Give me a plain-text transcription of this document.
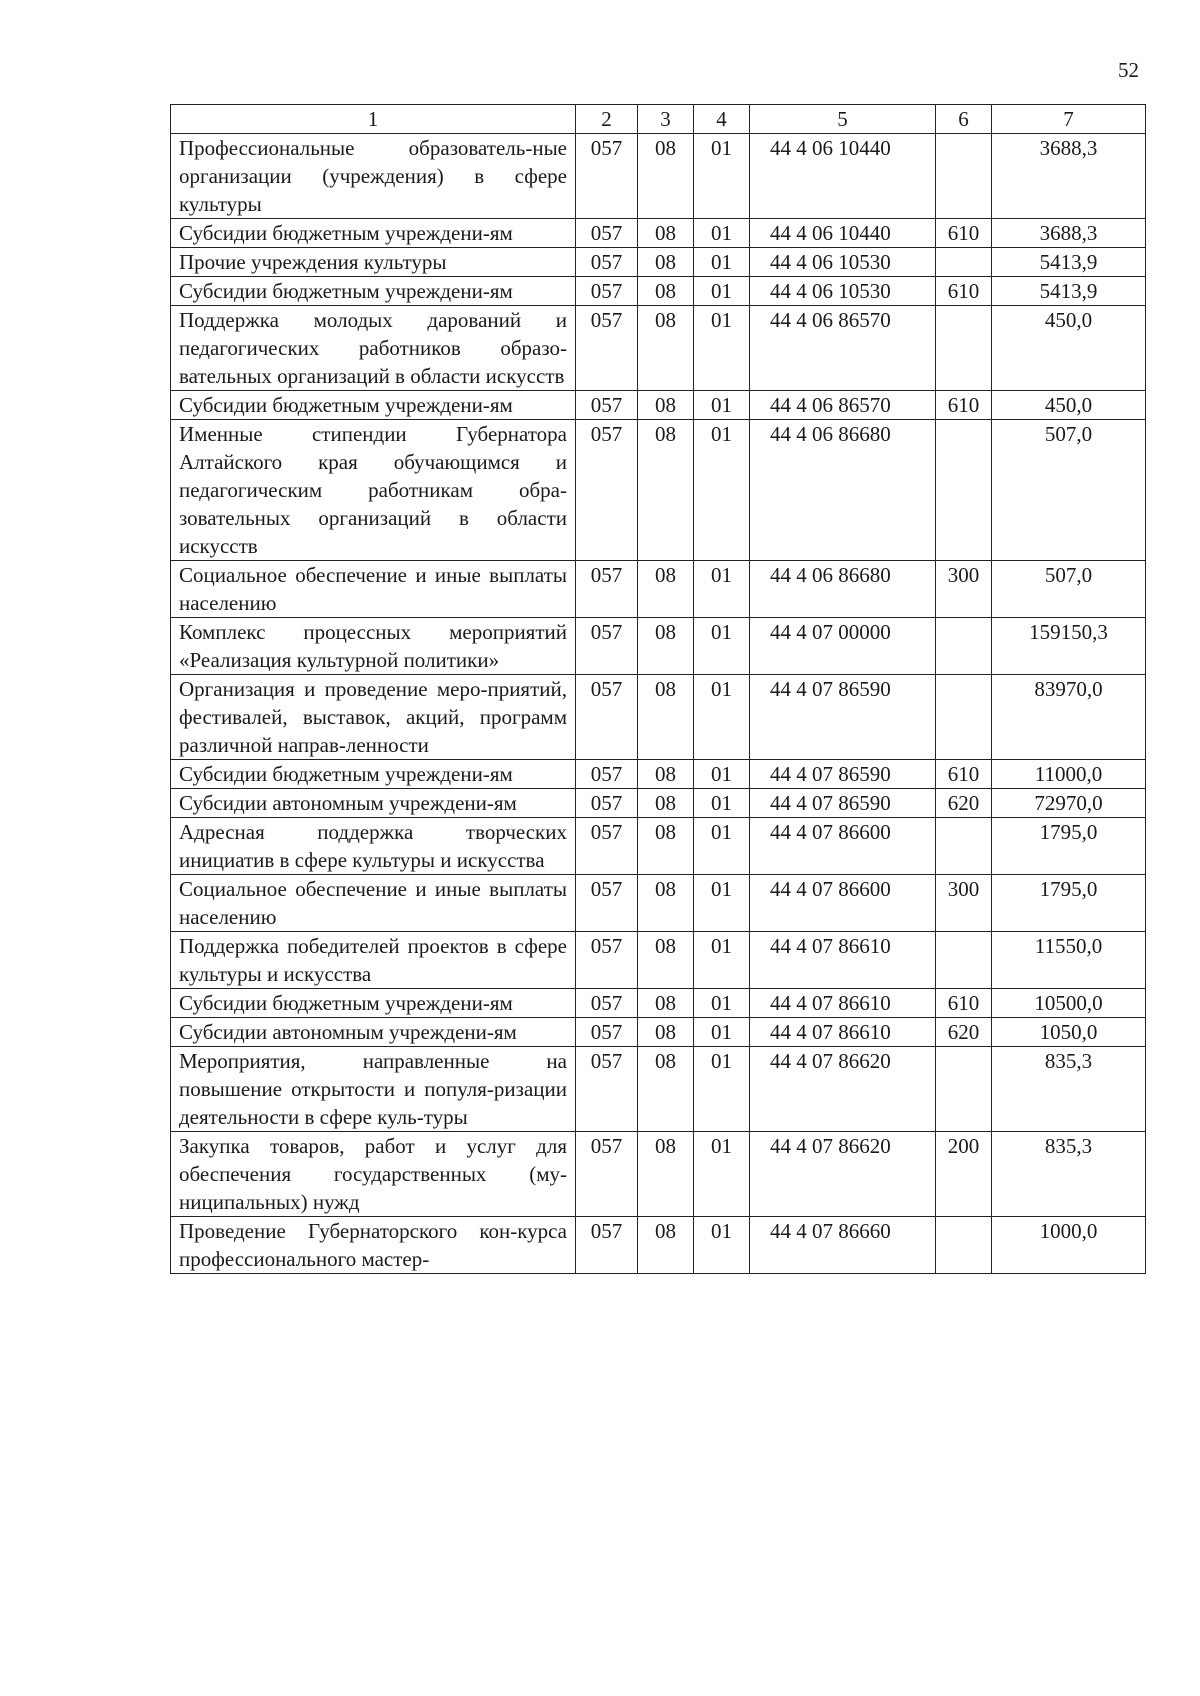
52
1	2	3	4	5	6	7
Профессиональные образователь-ные организации (учреждения) в сфере культуры	057	08	01	44 4 06 10440		3688,3
Субсидии бюджетным учреждени-ям	057	08	01	44 4 06 10440	610	3688,3
Прочие учреждения культуры	057	08	01	44 4 06 10530		5413,9
Субсидии бюджетным учреждени-ям	057	08	01	44 4 06 10530	610	5413,9
Поддержка молодых дарований и педагогических работников образо-вательных организаций в области искусств	057	08	01	44 4 06 86570		450,0
Субсидии бюджетным учреждени-ям	057	08	01	44 4 06 86570	610	450,0
Именные стипендии Губернатора Алтайского края обучающимся и педагогическим работникам обра-зовательных организаций в области искусств	057	08	01	44 4 06 86680		507,0
Социальное обеспечение и иные выплаты населению	057	08	01	44 4 06 86680	300	507,0
Комплекс процессных мероприятий «Реализация культурной политики»	057	08	01	44 4 07 00000		159150,3
Организация и проведение меро-приятий, фестивалей, выставок, акций, программ различной направ-ленности	057	08	01	44 4 07 86590		83970,0
Субсидии бюджетным учреждени-ям	057	08	01	44 4 07 86590	610	11000,0
Субсидии автономным учреждени-ям	057	08	01	44 4 07 86590	620	72970,0
Адресная поддержка творческих инициатив в сфере культуры и искусства	057	08	01	44 4 07 86600		1795,0
Социальное обеспечение и иные выплаты населению	057	08	01	44 4 07 86600	300	1795,0
Поддержка победителей проектов в сфере культуры и искусства	057	08	01	44 4 07 86610		11550,0
Субсидии бюджетным учреждени-ям	057	08	01	44 4 07 86610	610	10500,0
Субсидии автономным учреждени-ям	057	08	01	44 4 07 86610	620	1050,0
Мероприятия, направленные на повышение открытости и популя-ризации деятельности в сфере куль-туры	057	08	01	44 4 07 86620		835,3
Закупка товаров, работ и услуг для обеспечения государственных (му-ниципальных) нужд	057	08	01	44 4 07 86620	200	835,3
Проведение Губернаторского кон-курса профессионального мастер-	057	08	01	44 4 07 86660		1000,0
